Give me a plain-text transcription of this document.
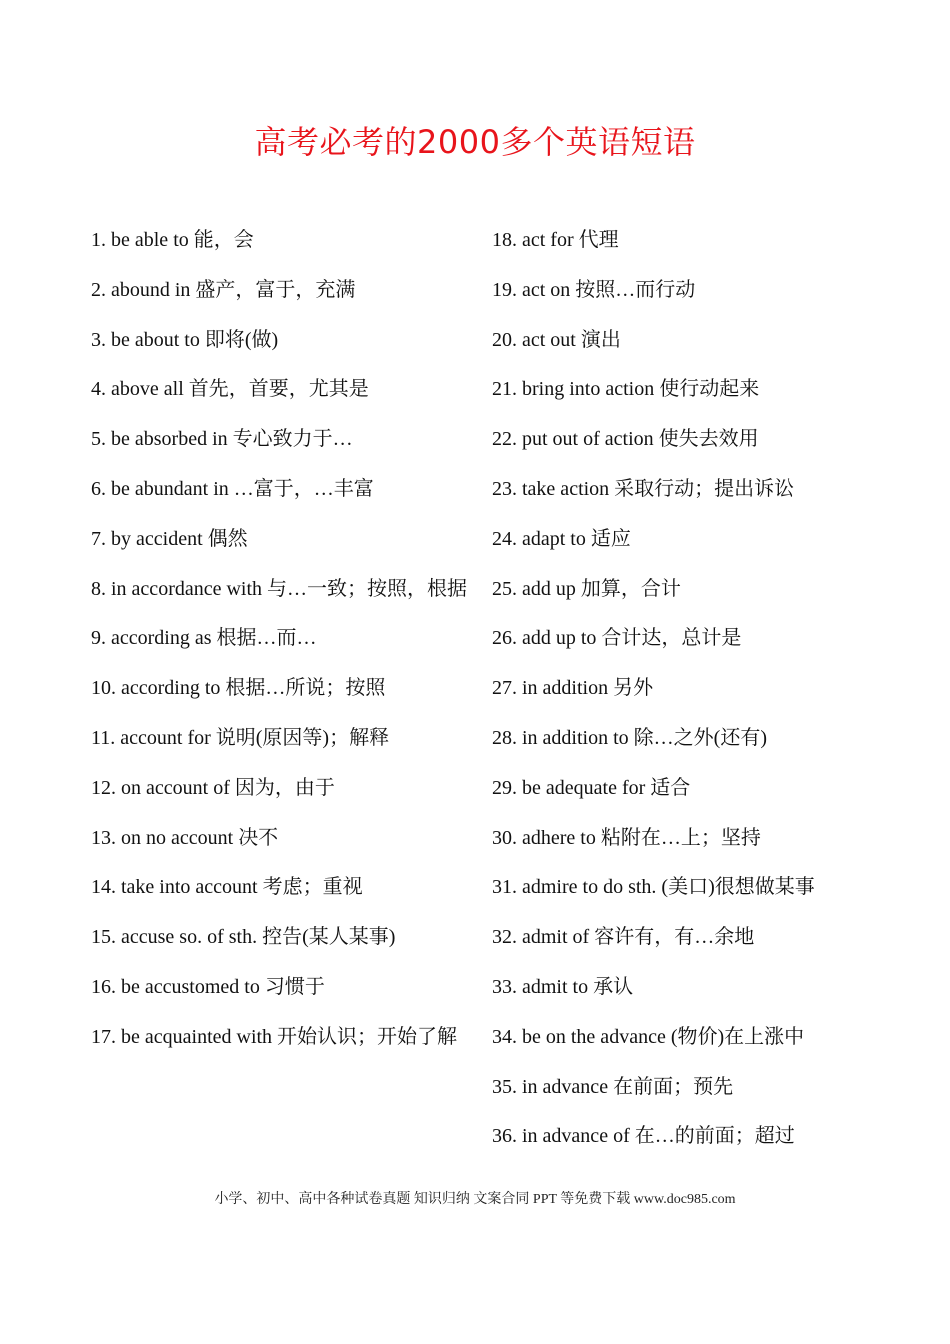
高考必考的2000多个英语短语

1. be able to 能，会

2. abound in 盛产，富于，充满

3. be about to 即将(做)

4. above all 首先，首要，尤其是

5. be absorbed in 专心致力于…

6. be abundant in …富于，…丰富

7. by accident 偶然

8. in accordance with 与…一致；按照，根据

9. according as 根据…而…

10. according to 根据…所说；按照

11. account for 说明(原因等)；解释

12. on account of 因为，由于

13. on no account 决不

14. take into account 考虑；重视

15. accuse so. of sth. 控告(某人某事)

16. be accustomed to 习惯于

17. be acquainted with 开始认识；开始了解

18. act for 代理

19. act on 按照…而行动

20. act out 演出

21. bring into action 使行动起来

22. put out of action 使失去效用

23. take action 采取行动；提出诉讼

24. adapt to 适应

25. add up 加算，合计

26. add up to 合计达，总计是

27. in addition 另外

28. in addition to 除…之外(还有)

29. be adequate for 适合

30. adhere to 粘附在…上；坚持

31. admire to do sth. (美口)很想做某事

32. admit of 容许有，有…余地

33. admit to 承认

34. be on the advance (物价)在上涨中

35. in advance 在前面；预先

36. in advance of 在…的前面；超过

小学、初中、高中各种试卷真题 知识归纳 文案合同 PPT 等免费下载 www.doc985.com
